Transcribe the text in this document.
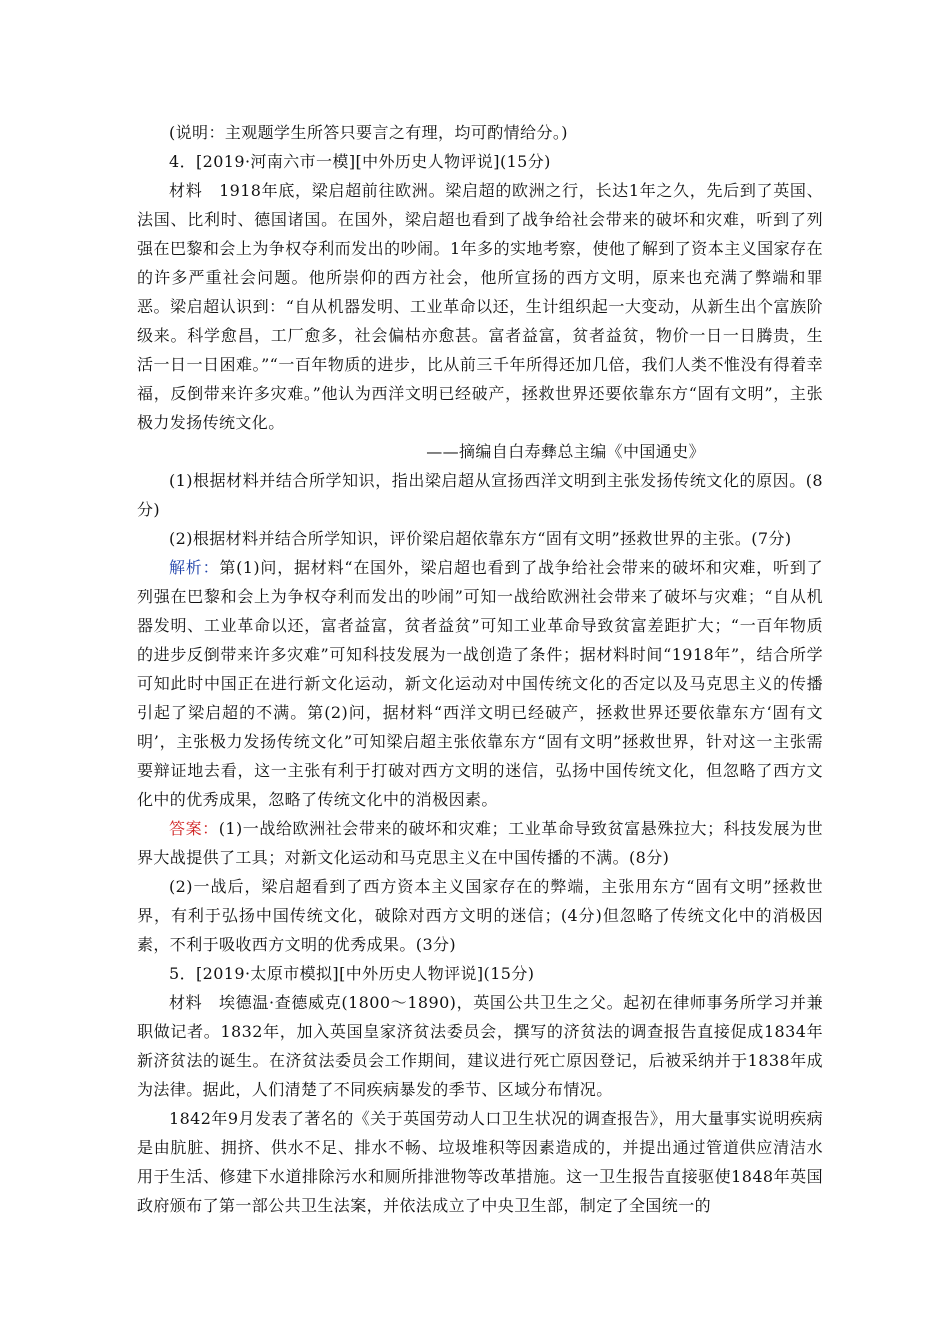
(说明：主观题学生所答只要言之有理，均可酌情给分。)

4．[2019·河南六市一模][中外历史人物评说](15分)

材料　1918年底，梁启超前往欧洲。梁启超的欧洲之行，长达1年之久，先后到了英国、法国、比利时、德国诸国。在国外，梁启超也看到了战争给社会带来的破坏和灾难，听到了列强在巴黎和会上为争权夺利而发出的吵闹。1年多的实地考察，使他了解到了资本主义国家存在的许多严重社会问题。他所崇仰的西方社会，他所宣扬的西方文明，原来也充满了弊端和罪恶。梁启超认识到：“自从机器发明、工业革命以还，生计组织起一大变动，从新生出个富族阶级来。科学愈昌，工厂愈多，社会偏枯亦愈甚。富者益富，贫者益贫，物价一日一日腾贵，生活一日一日困难。”“一百年物质的进步，比从前三千年所得还加几倍，我们人类不惟没有得着幸福，反倒带来许多灾难。”他认为西洋文明已经破产，拯救世界还要依靠东方“固有文明”，主张极力发扬传统文化。

——摘编自白寿彝总主编《中国通史》

(1)根据材料并结合所学知识，指出梁启超从宣扬西洋文明到主张发扬传统文化的原因。(8分)

(2)根据材料并结合所学知识，评价梁启超依靠东方“固有文明”拯救世界的主张。(7分)

解析：第(1)问，据材料“在国外，梁启超也看到了战争给社会带来的破坏和灾难，听到了列强在巴黎和会上为争权夺利而发出的吵闹”可知一战给欧洲社会带来了破坏与灾难；“自从机器发明、工业革命以还，富者益富，贫者益贫”可知工业革命导致贫富差距扩大；“一百年物质的进步反倒带来许多灾难”可知科技发展为一战创造了条件；据材料时间“1918年”，结合所学可知此时中国正在进行新文化运动，新文化运动对中国传统文化的否定以及马克思主义的传播引起了梁启超的不满。第(2)问，据材料“西洋文明已经破产，拯救世界还要依靠东方‘固有文明’，主张极力发扬传统文化”可知梁启超主张依靠东方“固有文明”拯救世界，针对这一主张需要辩证地去看，这一主张有利于打破对西方文明的迷信，弘扬中国传统文化，但忽略了西方文化中的优秀成果，忽略了传统文化中的消极因素。

答案：(1)一战给欧洲社会带来的破坏和灾难；工业革命导致贫富悬殊拉大；科技发展为世界大战提供了工具；对新文化运动和马克思主义在中国传播的不满。(8分)

(2)一战后，梁启超看到了西方资本主义国家存在的弊端，主张用东方“固有文明”拯救世界，有利于弘扬中国传统文化，破除对西方文明的迷信；(4分)但忽略了传统文化中的消极因素，不利于吸收西方文明的优秀成果。(3分)

5．[2019·太原市模拟][中外历史人物评说](15分)

材料　埃德温·查德威克(1800～1890)，英国公共卫生之父。起初在律师事务所学习并兼职做记者。1832年，加入英国皇家济贫法委员会，撰写的济贫法的调查报告直接促成1834年新济贫法的诞生。在济贫法委员会工作期间，建议进行死亡原因登记，后被采纳并于1838年成为法律。据此，人们清楚了不同疾病暴发的季节、区域分布情况。

1842年9月发表了著名的《关于英国劳动人口卫生状况的调查报告》，用大量事实说明疾病是由肮脏、拥挤、供水不足、排水不畅、垃圾堆积等因素造成的，并提出通过管道供应清洁水用于生活、修建下水道排除污水和厕所排泄物等改革措施。这一卫生报告直接驱使1848年英国政府颁布了第一部公共卫生法案，并依法成立了中央卫生部，制定了全国统一的
